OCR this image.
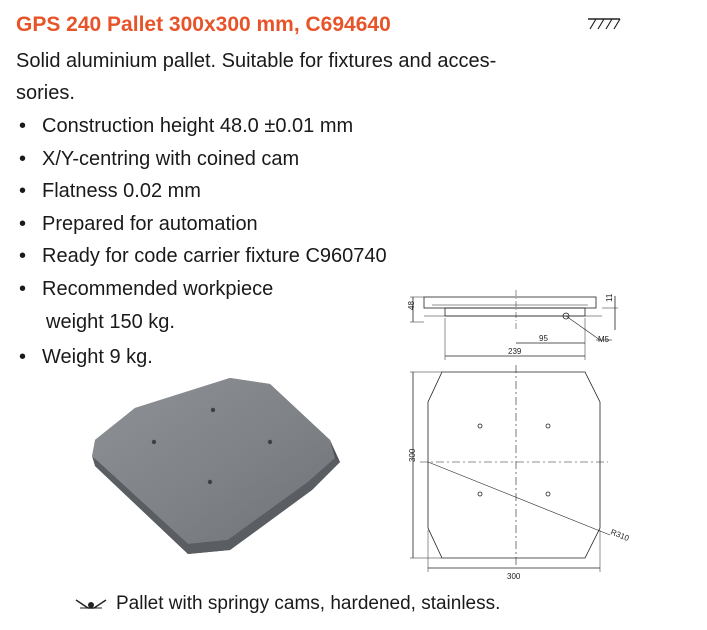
GPS 240 Pallet 300x300 mm, C694640
Solid aluminium pallet. Suitable for fixtures and acces-
sories.
• Construction height 48.0 ±0.01 mm
• X/Y-centring with coined cam
• Flatness 0.02 mm
• Prepared for automation
• Ready for code carrier fixture C960740
• Recommended workpiece
weight 150 kg.
• Weight 9 kg.
48
11
95
239
M5
300
300
R310
Pallet with springy cams, hardened, stainless.
